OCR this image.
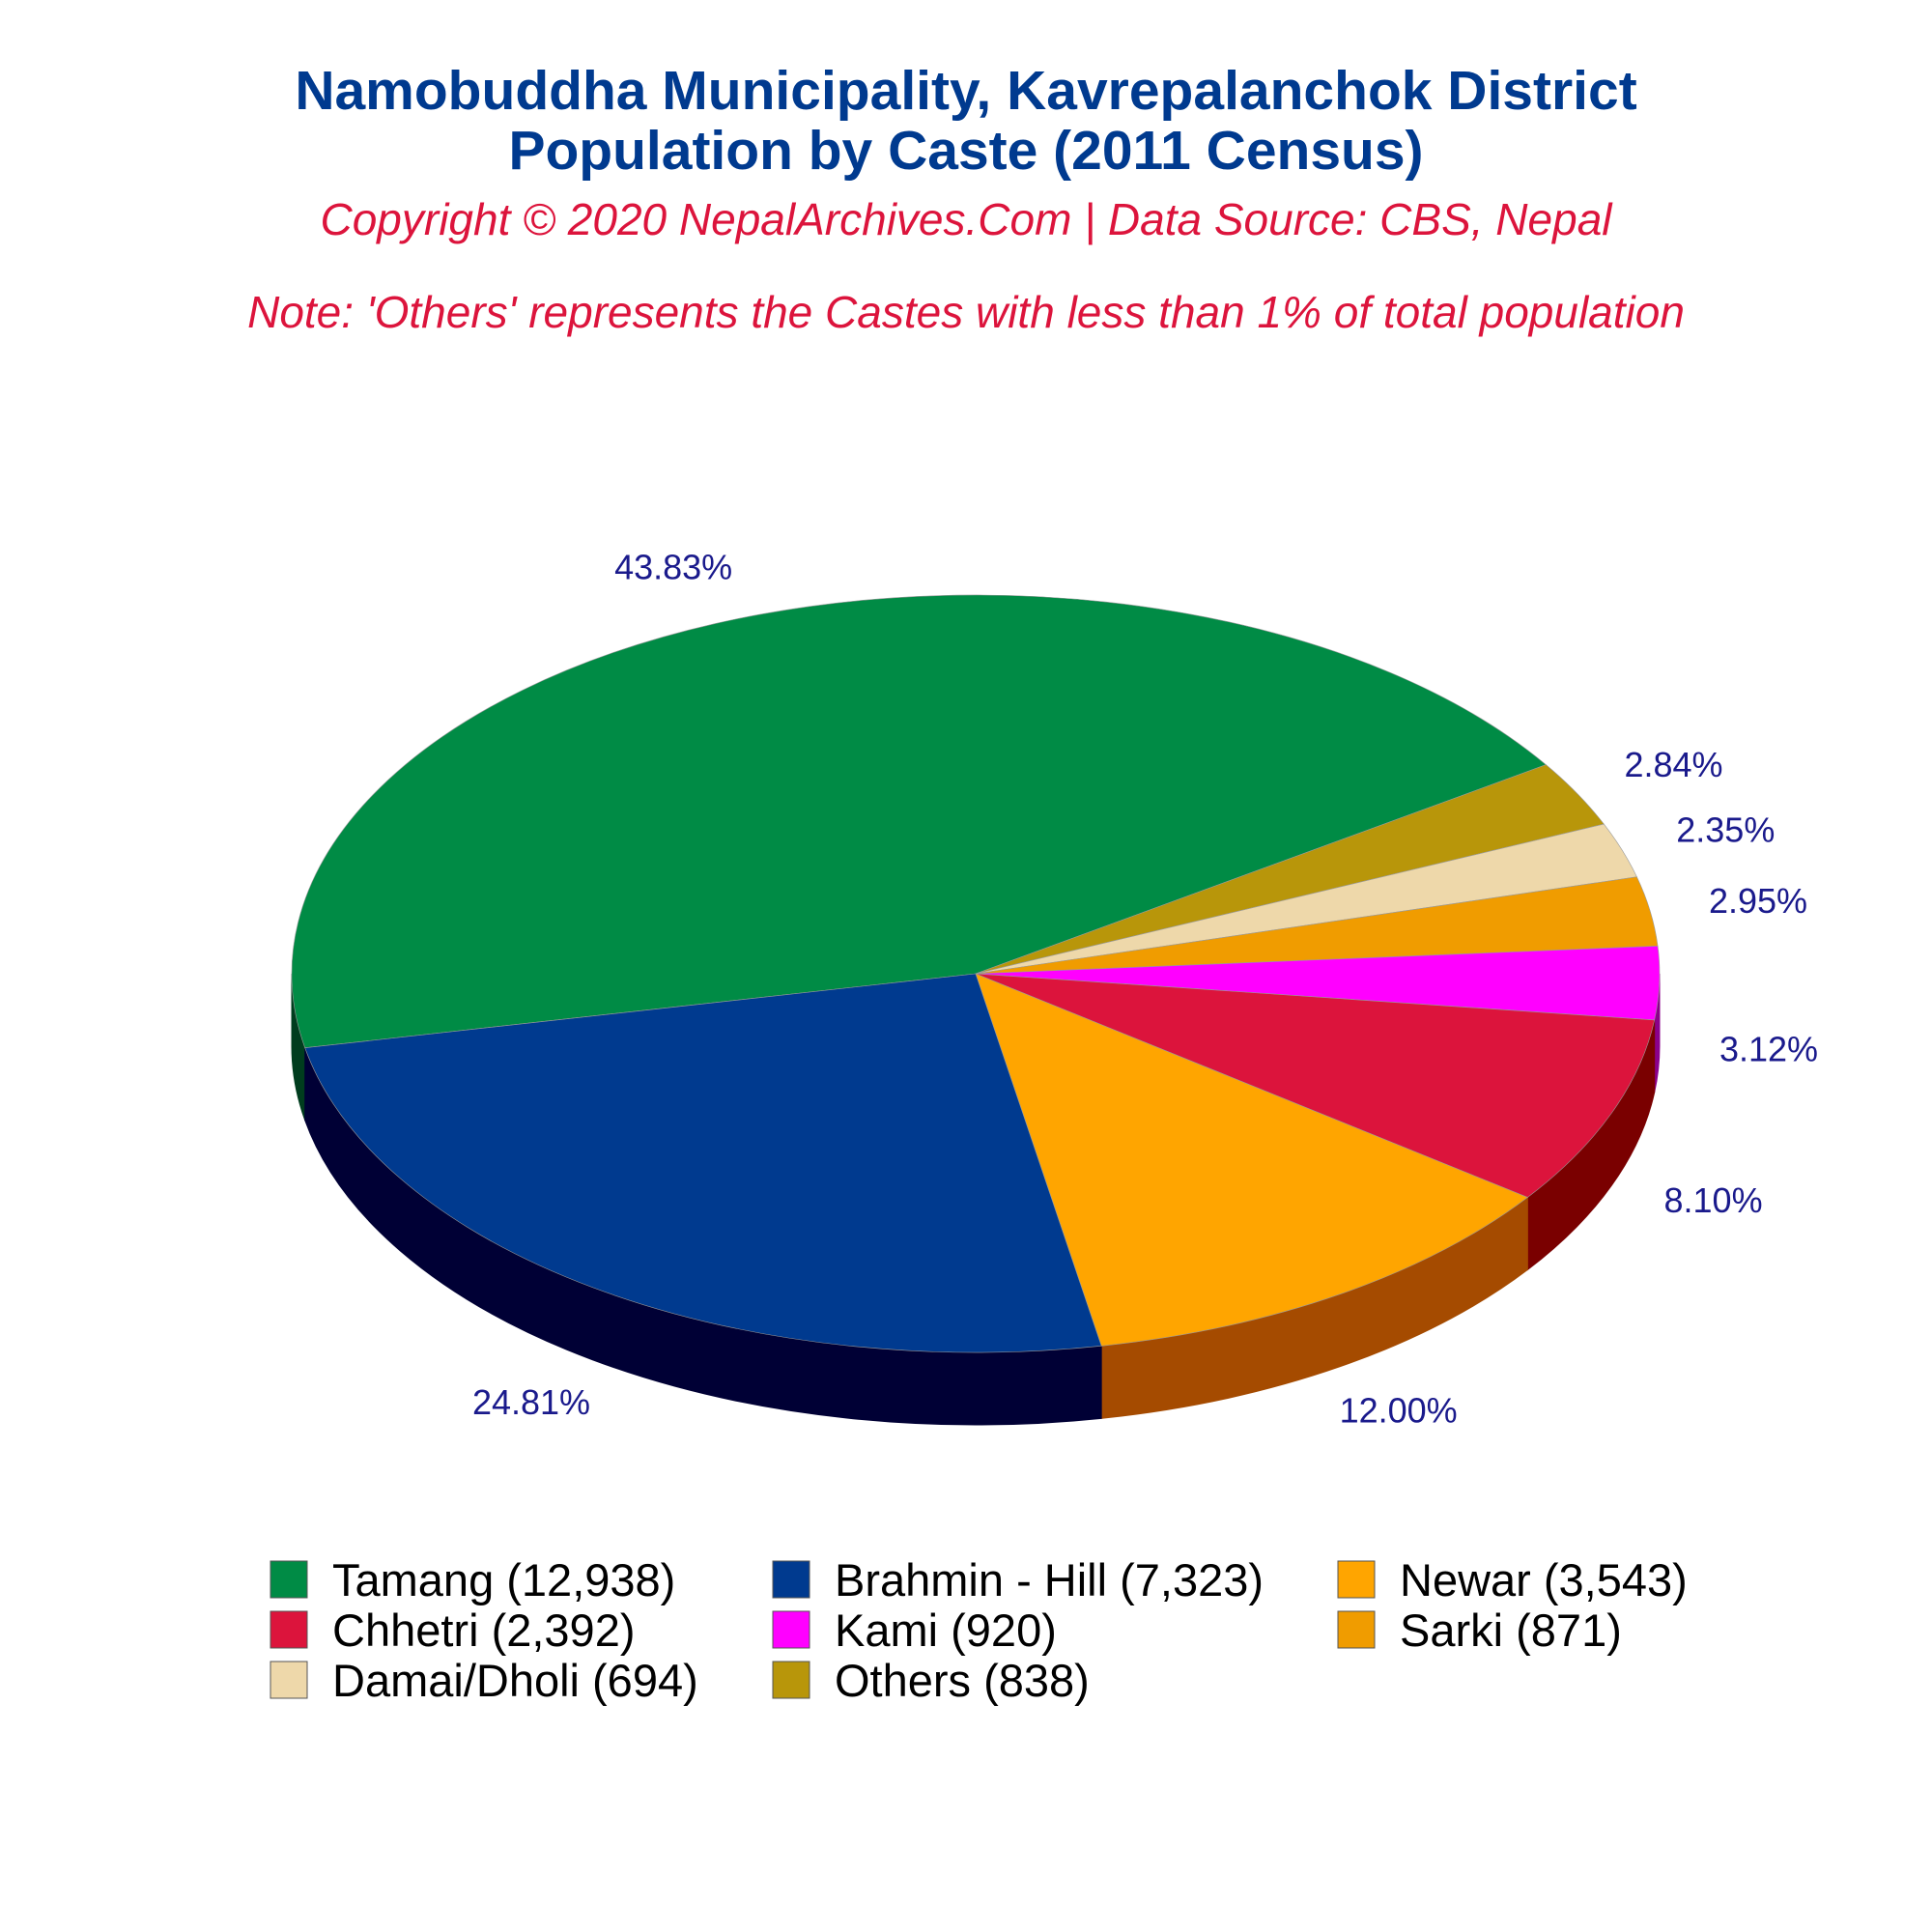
Namobuddha Municipality, Kavrepalanchok District
Population by Caste (2011 Census)
Copyright © 2020 NepalArchives.Com | Data Source: CBS, Nepal
Note: 'Others' represents the Castes with less than 1% of total population
43.83%
2.84%
2.35%
2.95%
3.12%
8.10%
12.00%
24.81%
Tamang (12,938)	Brahmin - Hill (7,323)	Newar (3,543)
Chhetri (2,392)	Kami (920)	Sarki (871)
Damai/Dholi (694)	Others (838)
